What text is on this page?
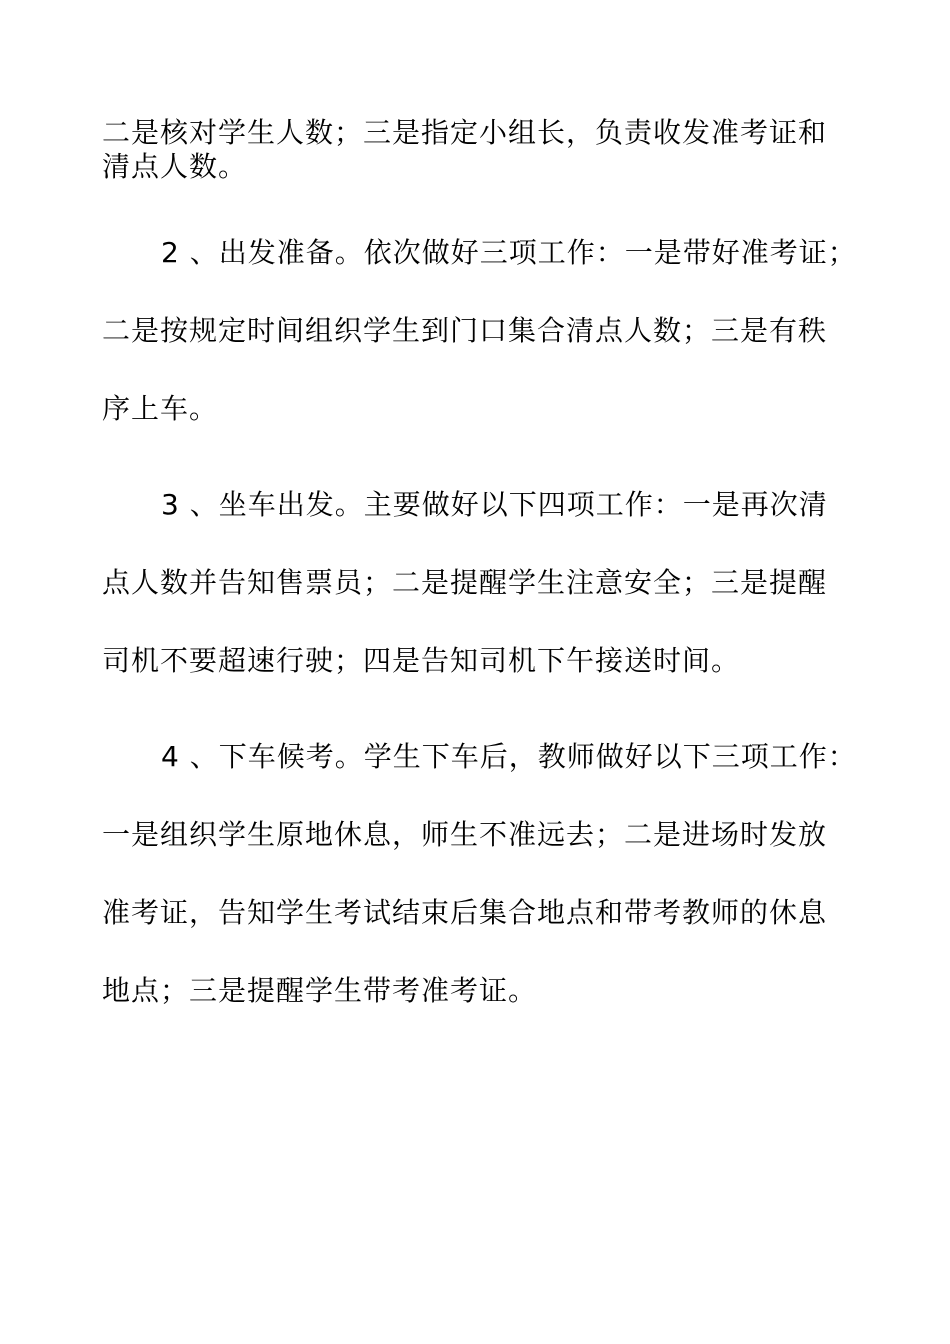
二是核对学生人数；三是指定小组长，负责收发准考证和
清点人数。
2 、出发准备。依次做好三项工作：一是带好准考证；
二是按规定时间组织学生到门口集合清点人数；三是有秩
序上车。
3 、坐车出发。主要做好以下四项工作：一是再次清
点人数并告知售票员；二是提醒学生注意安全；三是提醒
司机不要超速行驶；四是告知司机下午接送时间。
4 、下车候考。学生下车后，教师做好以下三项工作：
一是组织学生原地休息，师生不准远去；二是进场时发放
准考证，告知学生考试结束后集合地点和带考教师的休息
地点；三是提醒学生带考准考证。
